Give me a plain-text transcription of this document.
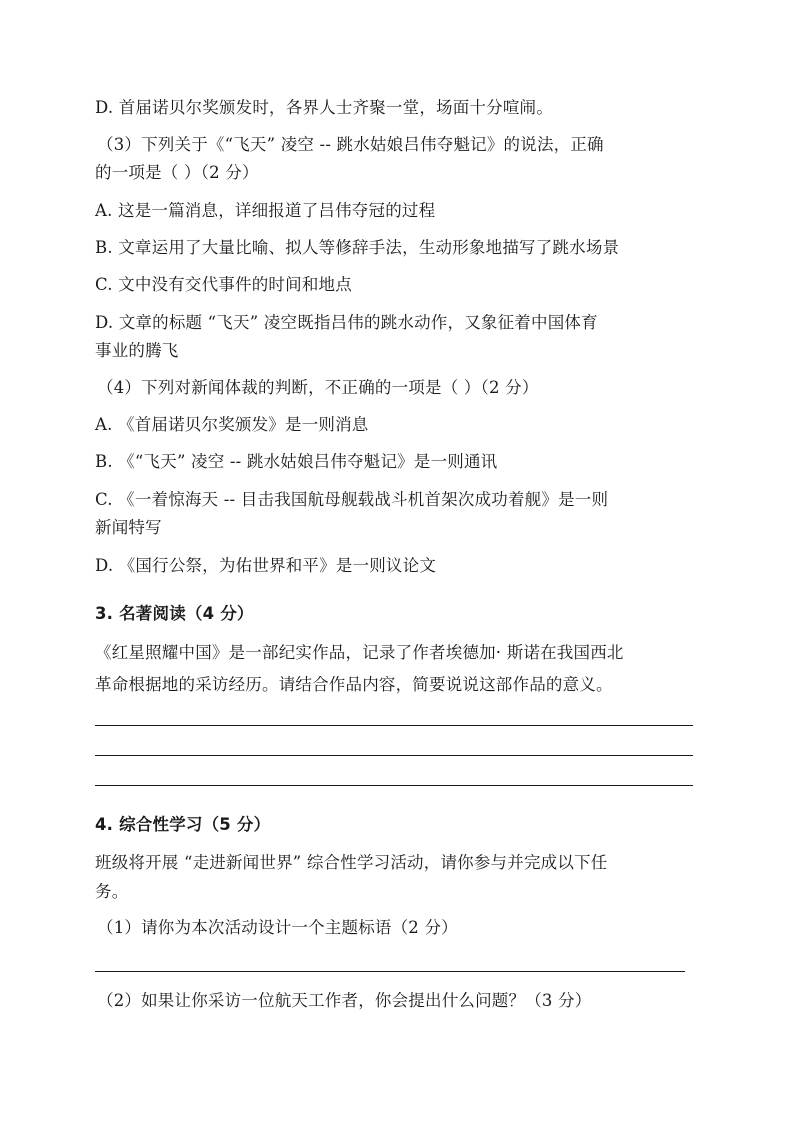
D. 首届诺贝尔奖颁发时，各界人士齐聚一堂，场面十分喧闹。
（3）下列关于《“飞天” 凌空 -- 跳水姑娘吕伟夺魁记》的说法，正确
的一项是（ ）（2 分）
A. 这是一篇消息，详细报道了吕伟夺冠的过程
B. 文章运用了大量比喻、拟人等修辞手法，生动形象地描写了跳水场景
C. 文中没有交代事件的时间和地点
D. 文章的标题 “飞天” 凌空既指吕伟的跳水动作，又象征着中国体育
事业的腾飞
（4）下列对新闻体裁的判断，不正确的一项是（ ）（2 分）
A. 《首届诺贝尔奖颁发》是一则消息
B. 《“飞天” 凌空 -- 跳水姑娘吕伟夺魁记》是一则通讯
C. 《一着惊海天 -- 目击我国航母舰载战斗机首架次成功着舰》是一则
新闻特写
D. 《国行公祭，为佑世界和平》是一则议论文
3. 名著阅读（4 分）
《红星照耀中国》是一部纪实作品，记录了作者埃德加· 斯诺在我国西北
革命根据地的采访经历。请结合作品内容，简要说说这部作品的意义。
4. 综合性学习（5 分）
班级将开展 “走进新闻世界” 综合性学习活动，请你参与并完成以下任
务。
（1）请你为本次活动设计一个主题标语（2 分）
（2）如果让你采访一位航天工作者，你会提出什么问题？（3 分）
